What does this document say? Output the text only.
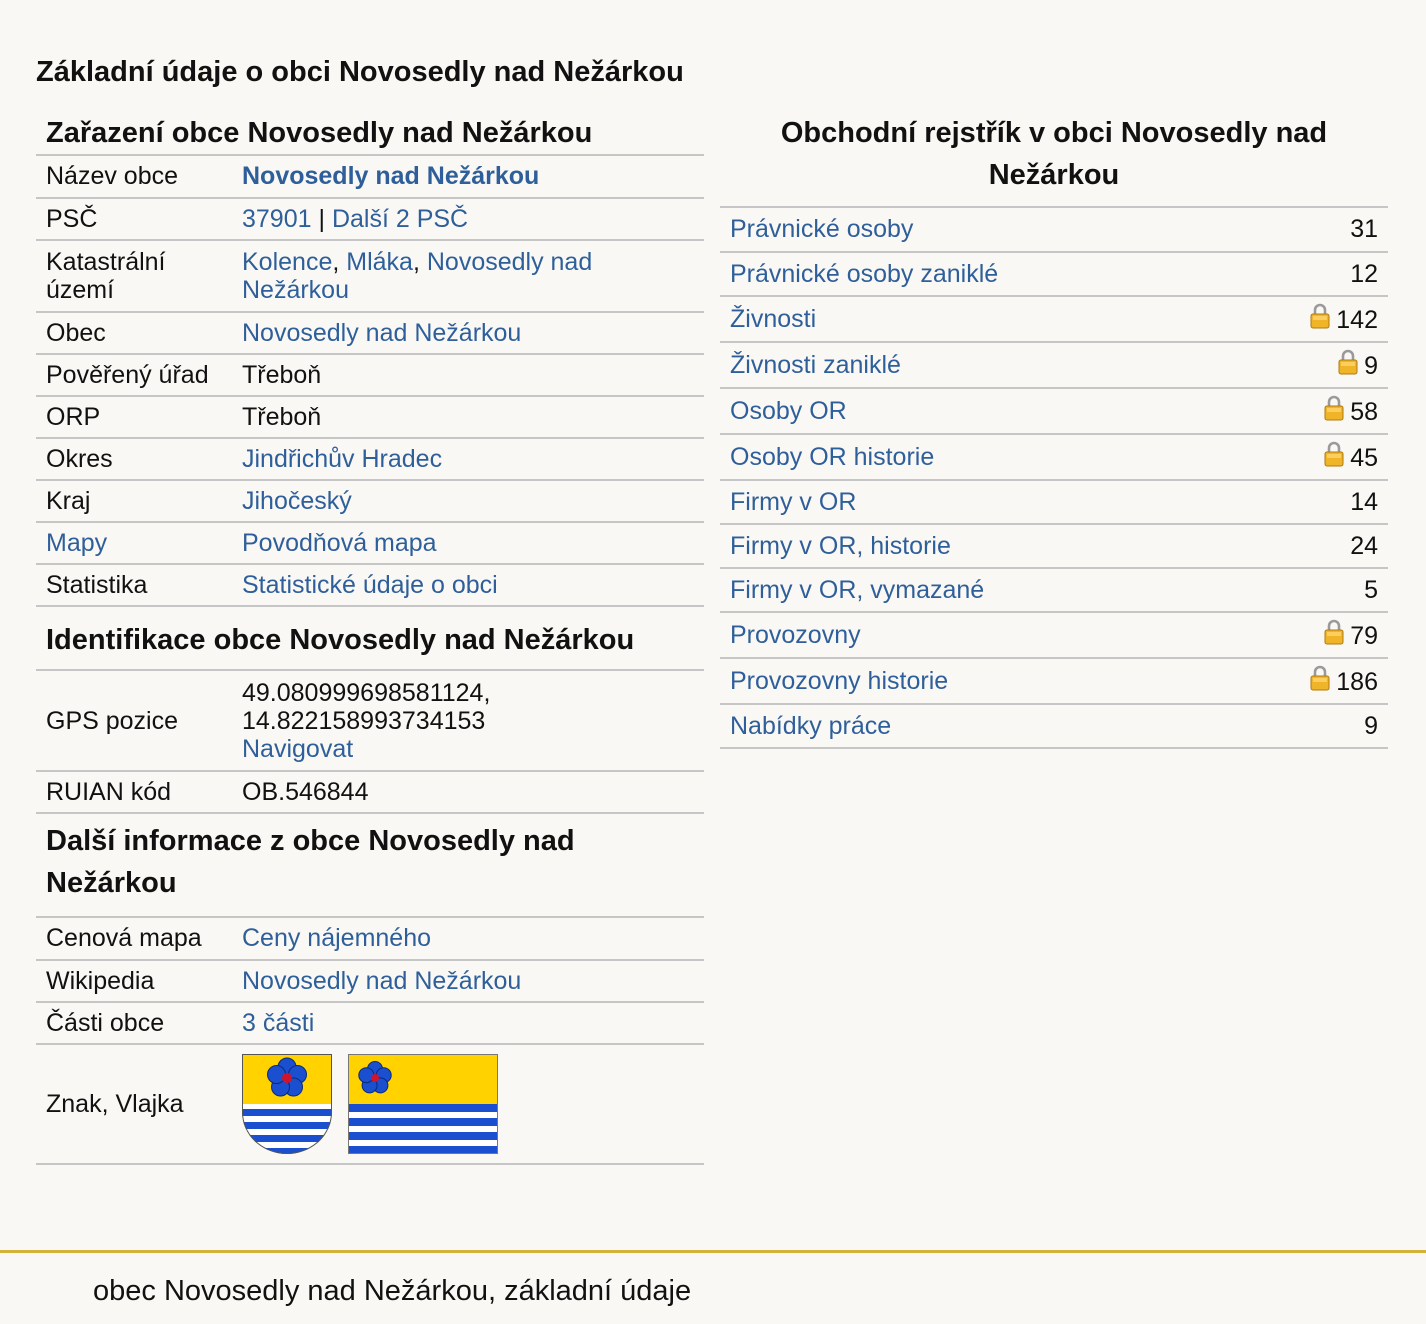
Základní údaje o obci Novosedly nad Nežárkou
Zařazení obce Novosedly nad Nežárkou
Název obce	Novosedly nad Nežárkou
PSČ	37901 | Další 2 PSČ
Katastrální území	Kolence, Mláka, Novosedly nad Nežárkou
Obec	Novosedly nad Nežárkou
Pověřený úřad	Třeboň
ORP	Třeboň
Okres	Jindřichův Hradec
Kraj	Jihočeský
Mapy	Povodňová mapa
Statistika	Statistické údaje o obci
Identifikace obce Novosedly nad Nežárkou
GPS pozice	49.080999698581124,
14.822158993734153
Navigovat
RUIAN kód	OB.546844
Další informace z obce Novosedly nad Nežárkou
Cenová mapa	Ceny nájemného
Wikipedia	Novosedly nad Nežárkou
Části obce	3 části
Znak, Vlajka	
Obchodní rejstřík v obci Novosedly nad Nežárkou
Právnické osoby	31
Právnické osoby zaniklé	12
Živnosti	142
Živnosti zaniklé	9
Osoby OR	58
Osoby OR historie	45
Firmy v OR	14
Firmy v OR, historie	24
Firmy v OR, vymazané	5
Provozovny	79
Provozovny historie	186
Nabídky práce	9
obec Novosedly nad Nežárkou, základní údaje
